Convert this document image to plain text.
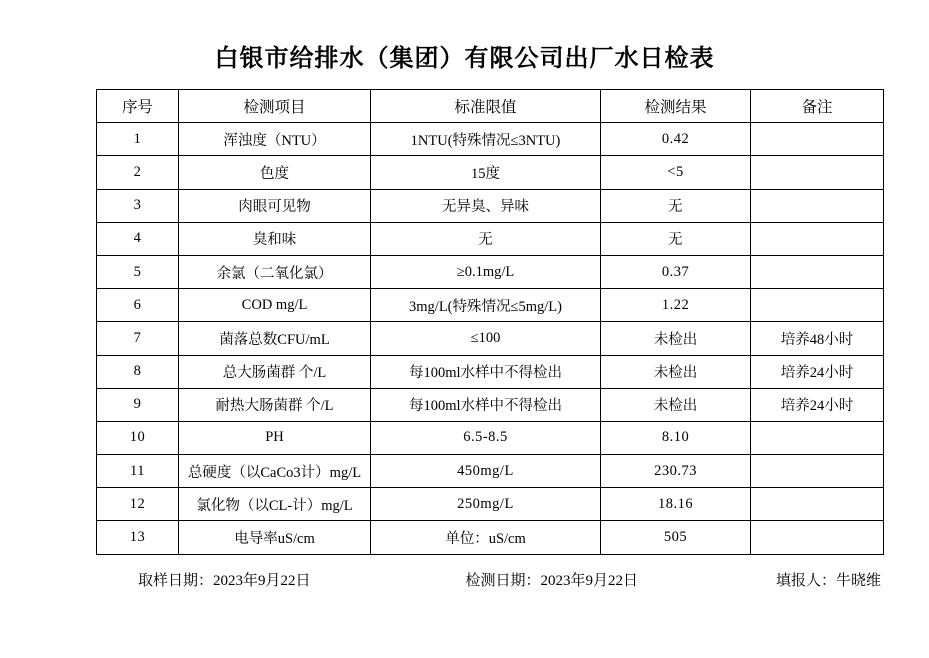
白银市给排水（集团）有限公司出厂水日检表
序号	检测项目	标准限值	检测结果	备注
1	浑浊度（NTU）	1NTU(特殊情况≤3NTU)	0.42	
2	色度	15度	<5	
3	肉眼可见物	无异臭、异味	无	
4	臭和味	无	无	
5	余氯（二氧化氯）	≥0.1mg/L	0.37	
6	COD mg/L	3mg/L(特殊情况≤5mg/L)	1.22	
7	菌落总数CFU/mL	≤100	未检出	培养48小时
8	总大肠菌群 个/L	每100ml水样中不得检出	未检出	培养24小时
9	耐热大肠菌群 个/L	每100ml水样中不得检出	未检出	培养24小时
10	PH	6.5-8.5	8.10	
11	总硬度（以CaCo3计）mg/L	450mg/L	230.73	
12	氯化物（以CL-计）mg/L	250mg/L	18.16	
13	电导率uS/cm	单位：uS/cm	505	
取样日期：2023年9月22日	检测日期：2023年9月22日	填报人：牛晓维
